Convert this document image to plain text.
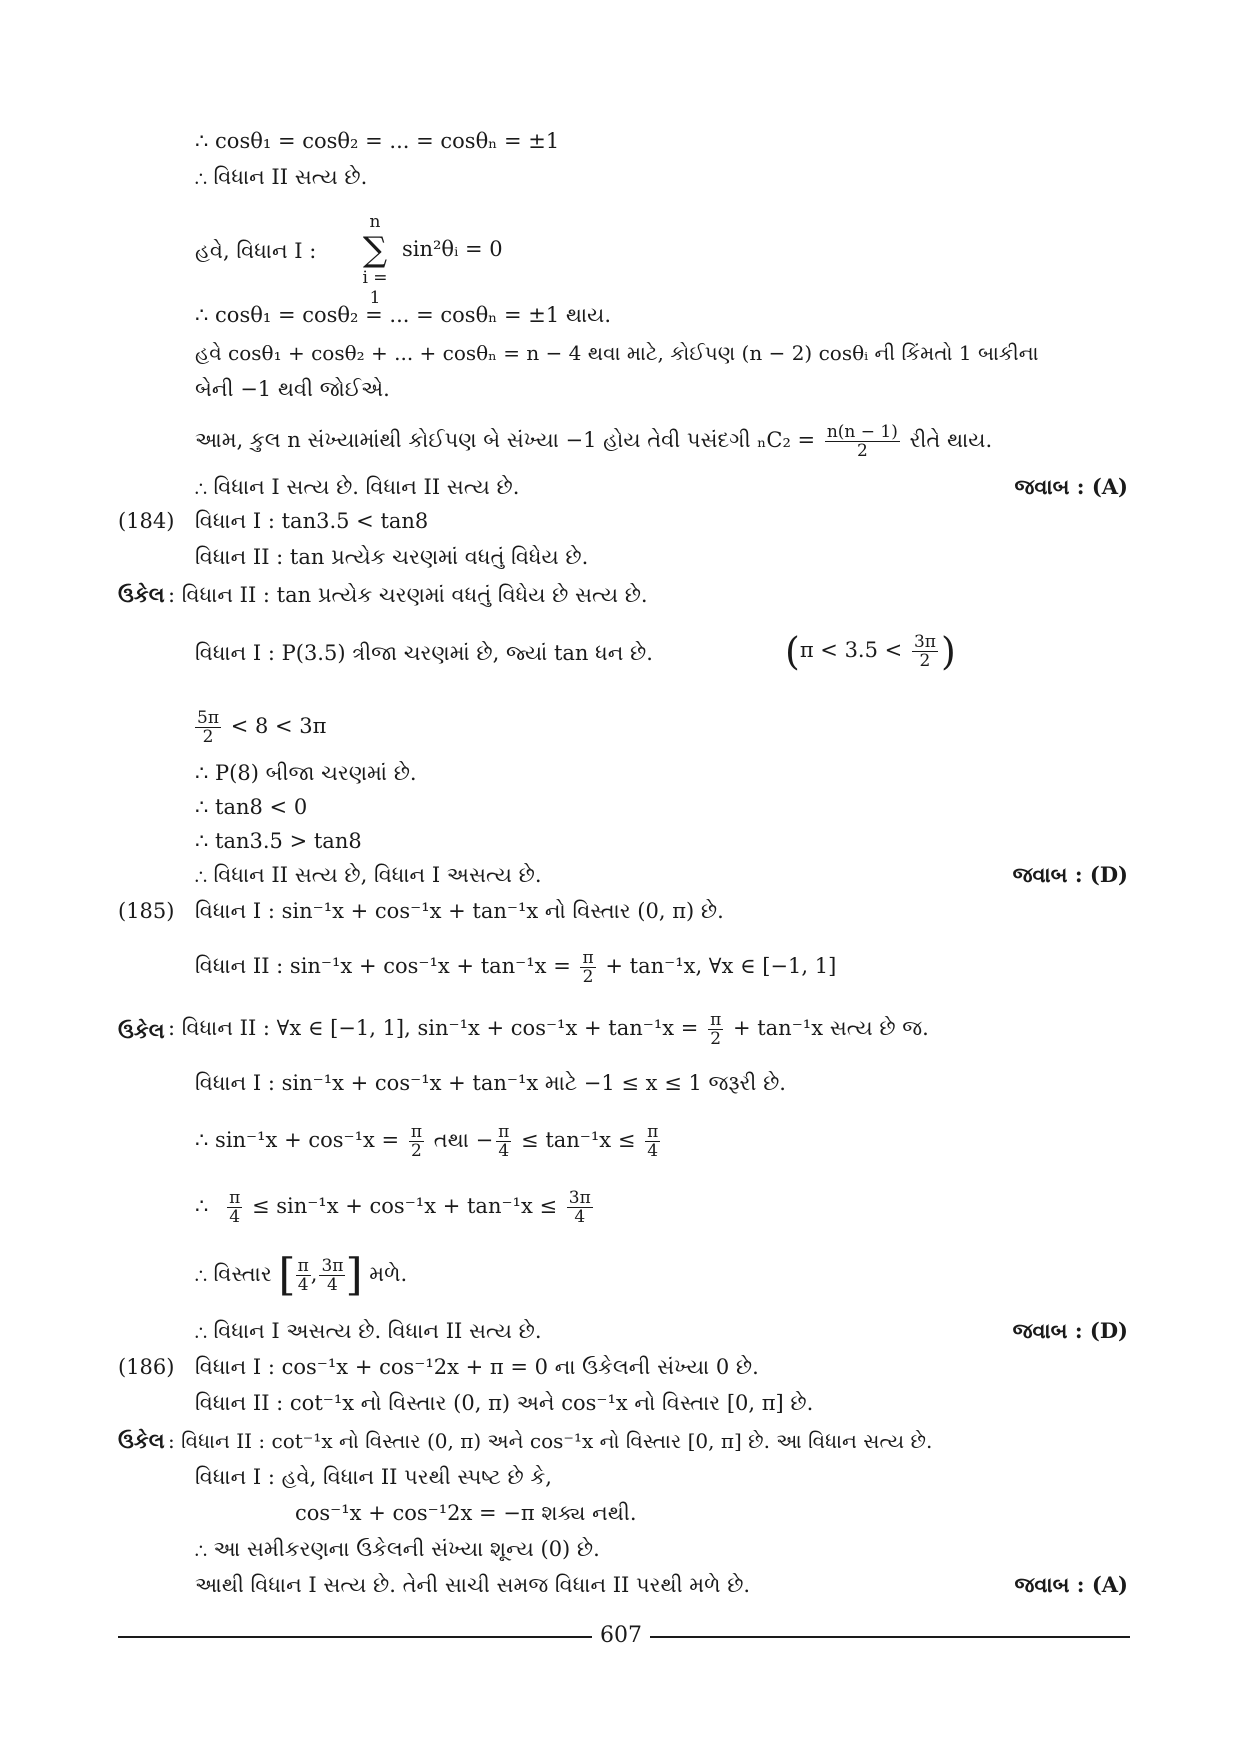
∴ cosθ₁ = cosθ₂ = ... = cosθₙ = ±1
∴ વિધાન II સત્ય છે.
હવે, વિધાન I :
n
∑
i = 1
sin²θᵢ = 0
∴ cosθ₁ = cosθ₂ = ... = cosθₙ = ±1 થાય.
હવે cosθ₁ + cosθ₂ + ... + cosθₙ = n − 4 થવા માટે, કોઈપણ (n − 2) cosθᵢ ની કિંમતો 1 બાકીના
બેની −1 થવી જોઈએ.
આમ, કુલ n સંખ્યામાંથી કોઈપણ બે સંખ્યા −1 હોય તેવી પસંદગી $_nC_2 = \frac{n(n - 1)}{2}$ રીતે થાય.
∴ વિધાન I સત્ય છે. વિધાન II સત્ય છે.	જવાબ : (A)
(184) વિધાન I : tan3.5 < tan8
વિધાન II : tan પ્રત્યેક ચરણમાં વધતું વિધેય છે.
ઉકેલ : વિધાન II : tan પ્રત્યેક ચરણમાં વધતું વિધેય છે સત્ય છે.
વિધાન I : P(3.5) ત્રીજા ચરણમાં છે, જ્યાં tan ધન છે.	($\pi < 3.5 < \frac{3\pi}{2}$ )
$\frac{5\pi}{2} < 8 < 3\pi$
∴ P(8) બીજા ચરણમાં છે.
∴ tan8 < 0
∴ tan3.5 > tan8
∴ વિધાન II સત્ય છે, વિધાન I અસત્ય છે.	જવાબ : (D)
(185) વિધાન I : sin⁻¹x + cos⁻¹x + tan⁻¹x નો વિસ્તાર (0, π) છે.
વિધાન II : $\sin^{-1}x + \cos^{-1}x + \tan^{-1}x = \frac{\pi}{2} + \tan^{-1}x$, ∀x ∈ [−1, 1]
ઉકેલ : વિધાન II : ∀x ∈ [−1, 1], $\sin^{-1}x + \cos^{-1}x + \tan^{-1}x = \frac{\pi}{2} + \tan^{-1}x$ સત્ય છે જ.
વિધાન I : sin⁻¹x + cos⁻¹x + tan⁻¹x માટે −1 ≤ x ≤ 1 જરૂરી છે.
∴ $\sin^{-1}x + \cos^{-1}x = \frac{\pi}{2}$ તથા − $\frac{\pi}{4} \le \tan^{-1}x \le \frac{\pi}{4}$
∴ $\frac{\pi}{4} \le \sin^{-1}x + \cos^{-1}x + \tan^{-1}x \le \frac{3\pi}{4}$
∴ વિસ્તાર [ $\frac{\pi}{4}$ , $\frac{3\pi}{4}$ ] મળે.
∴ વિધાન I અસત્ય છે. વિધાન II સત્ય છે.	જવાબ : (D)
(186) વિધાન I : cos⁻¹x + cos⁻¹2x + π = 0 ના ઉકેલની સંખ્યા 0 છે.
વિધાન II : cot⁻¹x નો વિસ્તાર (0, π) અને cos⁻¹x નો વિસ્તાર [0, π] છે.
ઉકેલ : વિધાન II : cot⁻¹x નો વિસ્તાર (0, π) અને cos⁻¹x નો વિસ્તાર [0, π] છે. આ વિધાન સત્ય છે.
વિધાન I : હવે, વિધાન II પરથી સ્પષ્ટ છે કે,
cos⁻¹x + cos⁻¹2x = −π શક્ય નથી.
∴ આ સમીકરણના ઉકેલની સંખ્યા શૂન્ય (0) છે.
આથી વિધાન I સત્ય છે. તેની સાચી સમજ વિધાન II પરથી મળે છે.	જવાબ : (A)
607
